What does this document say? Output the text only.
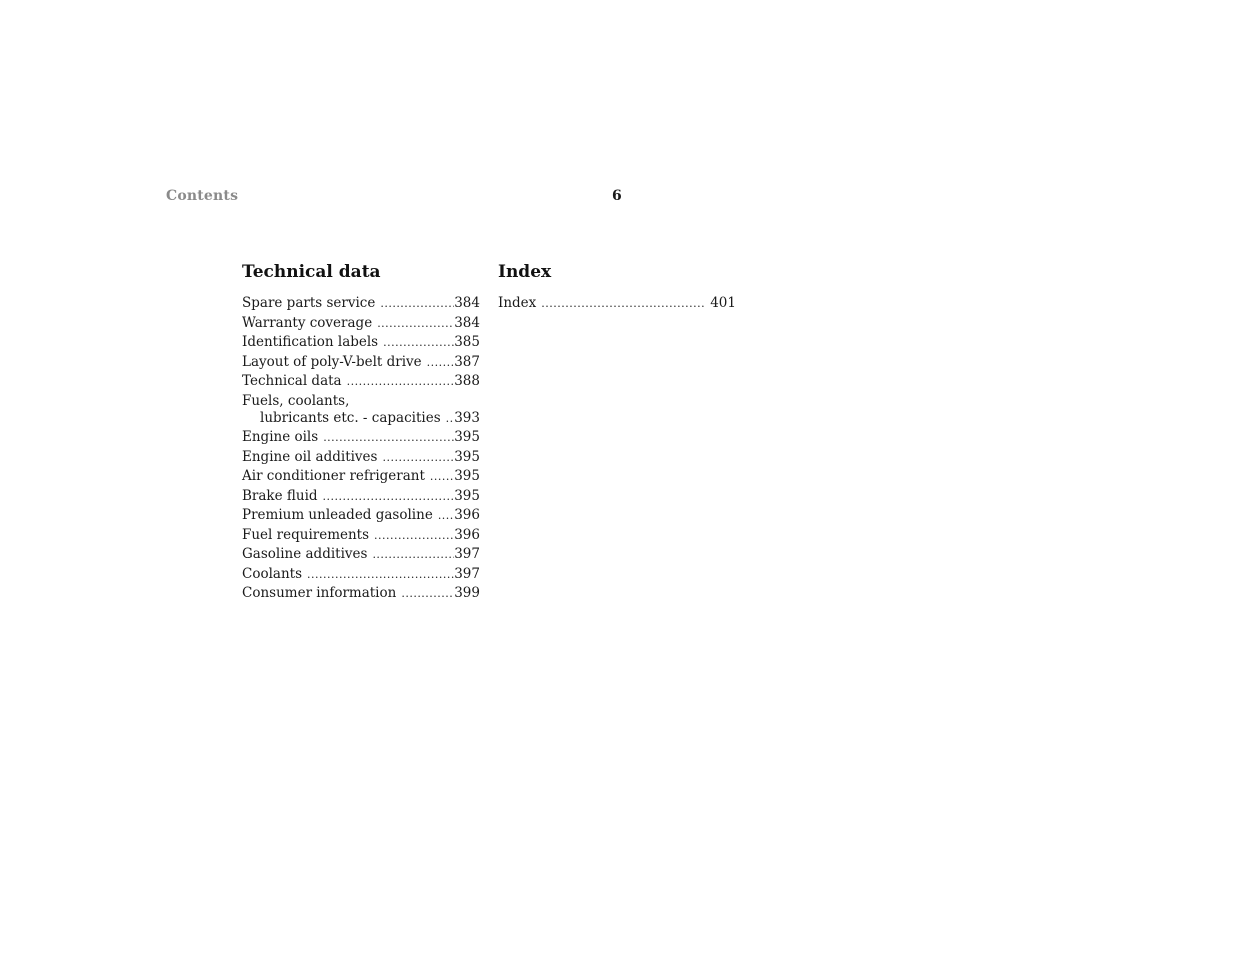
Contents	6
Technical data
Spare parts service .....	384
Warranty coverage .....	384
Identification labels .....	385
Layout of poly-V-belt drive .....	387
Technical data .....	388
Fuels, coolants,
lubricants etc. - capacities .....	393
Engine oils .....	395
Engine oil additives .....	395
Air conditioner refrigerant .....	395
Brake fluid .....	395
Premium unleaded gasoline .....	396
Fuel requirements .....	396
Gasoline additives .....	397
Coolants .....	397
Consumer information .....	399
Index
Index .....	401
